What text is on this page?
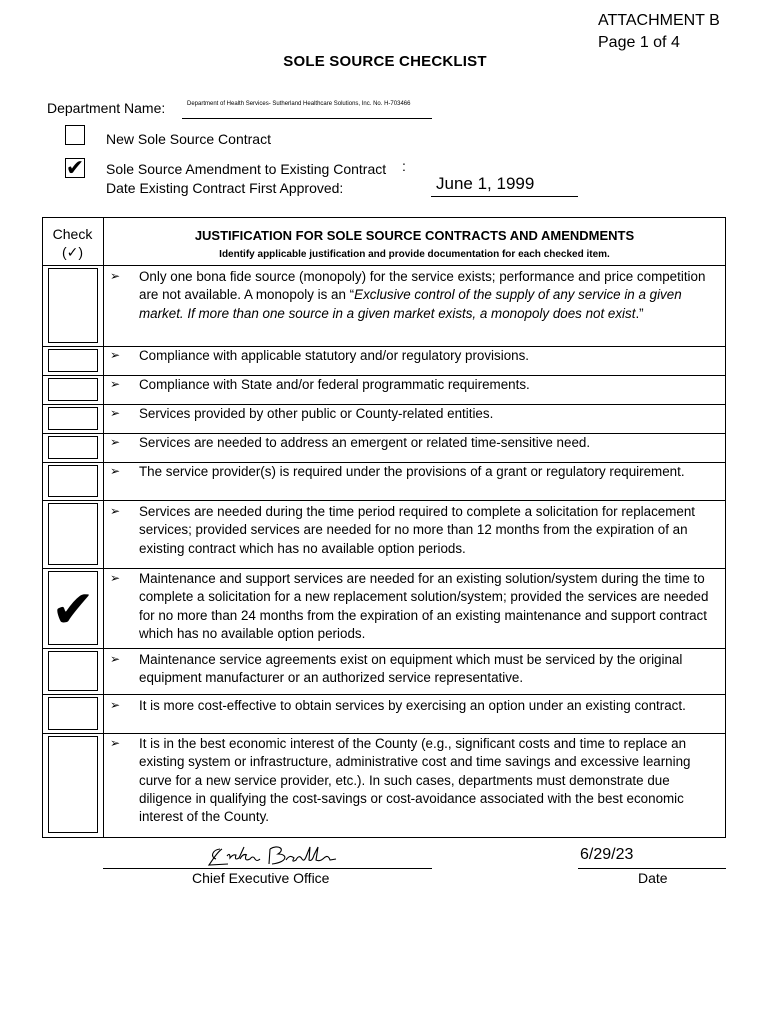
ATTACHMENT B
Page 1 of 4
SOLE SOURCE CHECKLIST
Department Name:	Department of Health Services- Sutherland Healthcare Solutions, Inc. No. H-703466
New Sole Source Contract
✔ Sole Source Amendment to Existing Contract
Date Existing Contract First Approved:
:
June 1, 1999
Check
(✓)
JUSTIFICATION FOR SOLE SOURCE CONTRACTS AND AMENDMENTS
Identify applicable justification and provide documentation for each checked item.
✔
➢
➢
➢
➢
➢
➢
➢
➢
➢
➢
➢
Only one bona fide source (monopoly) for the service exists; performance and price competition are not available. A monopoly is an “Exclusive control of the supply of any service in a given market. If more than one source in a given market exists, a monopoly does not exist.”
Compliance with applicable statutory and/or regulatory provisions.
Compliance with State and/or federal programmatic requirements.
Services provided by other public or County-related entities.
Services are needed to address an emergent or related time-sensitive need.
The service provider(s) is required under the provisions of a grant or regulatory requirement.
Services are needed during the time period required to complete a solicitation for replacement services; provided services are needed for no more than 12 months from the expiration of an existing contract which has no available option periods.
Maintenance and support services are needed for an existing solution/system during the time to complete a solicitation for a new replacement solution/system; provided the services are needed for no more than 24 months from the expiration of an existing maintenance and support contract which has no available option periods.
Maintenance service agreements exist on equipment which must be serviced by the original equipment manufacturer or an authorized service representative.
It is more cost-effective to obtain services by exercising an option under an existing contract.
It is in the best economic interest of the County (e.g., significant costs and time to replace an existing system or infrastructure, administrative cost and time savings and excessive learning curve for a new service provider, etc.). In such cases, departments must demonstrate due diligence in qualifying the cost-savings or cost-avoidance associated with the best economic interest of the County.
Chief Executive Office
6/29/23
Date
